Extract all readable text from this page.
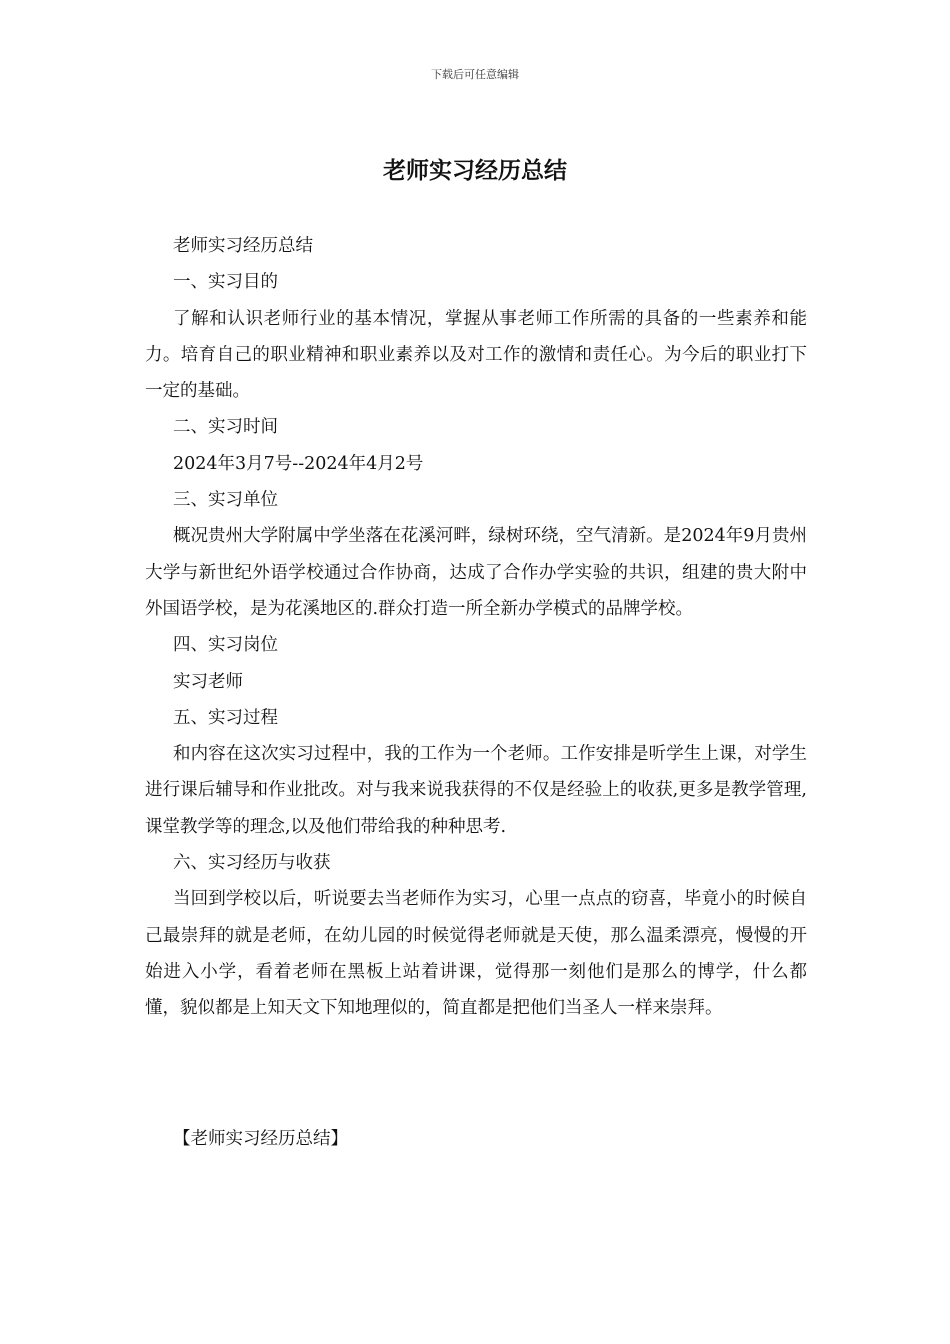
下载后可任意编辑
老师实习经历总结

老师实习经历总结

一、实习目的

了解和认识老师行业的基本情况，掌握从事老师工作所需的具备的一些素养和能力。培育自己的职业精神和职业素养以及对工作的激情和责任心。为今后的职业打下一定的基础。

二、实习时间

2024年3月7号--2024年4月2号

三、实习单位

概况贵州大学附属中学坐落在花溪河畔，绿树环绕，空气清新。是2024年9月贵州大学与新世纪外语学校通过合作协商，达成了合作办学实验的共识，组建的贵大附中外国语学校，是为花溪地区的.群众打造一所全新办学模式的品牌学校。

四、实习岗位

实习老师

五、实习过程

和内容在这次实习过程中，我的工作为一个老师。工作安排是听学生上课，对学生进行课后辅导和作业批改。对与我来说我获得的不仅是经验上的收获,更多是教学管理,课堂教学等的理念,以及他们带给我的种种思考.

六、实习经历与收获

当回到学校以后，听说要去当老师作为实习，心里一点点的窃喜，毕竟小的时候自己最崇拜的就是老师，在幼儿园的时候觉得老师就是天使，那么温柔漂亮，慢慢的开始进入小学，看着老师在黑板上站着讲课，觉得那一刻他们是那么的博学，什么都懂，貌似都是上知天文下知地理似的，简直都是把他们当圣人一样来崇拜。

【老师实习经历总结】
